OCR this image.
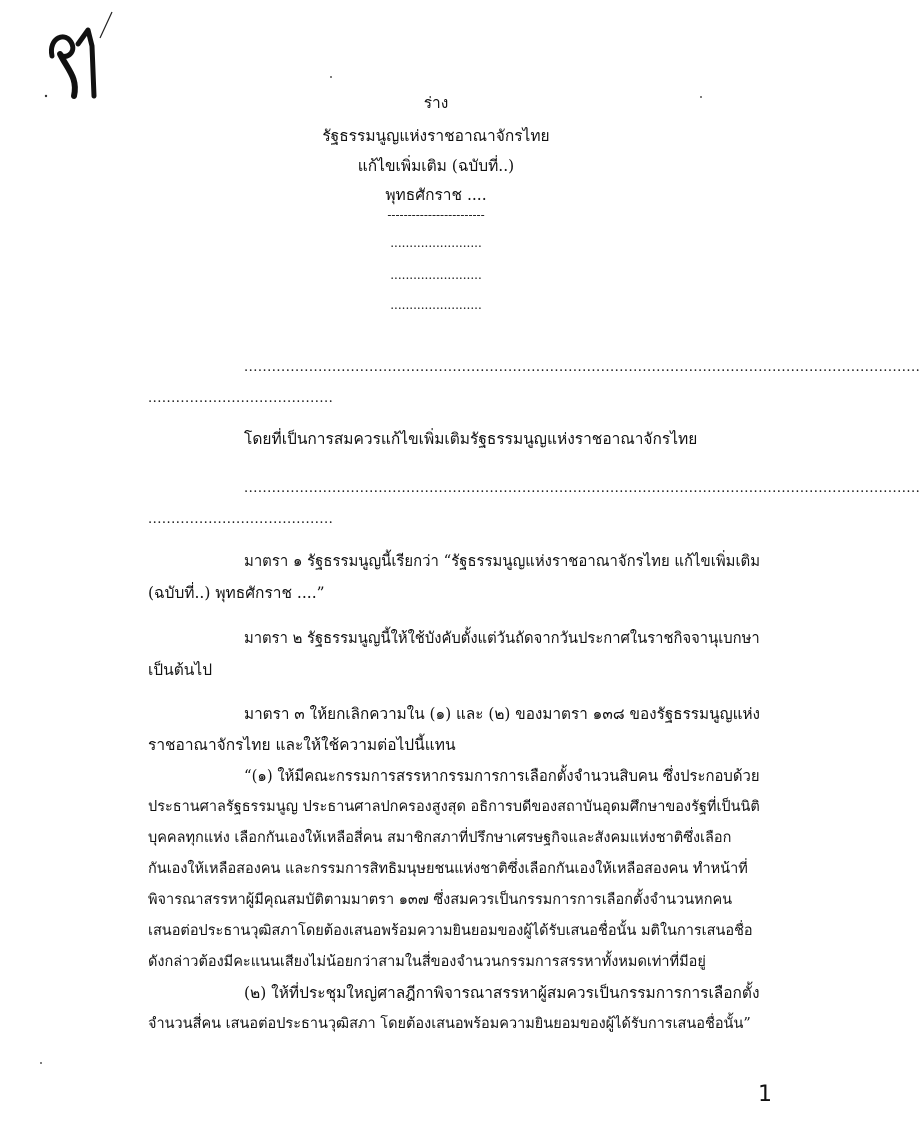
ร่าง
รัฐธรรมนูญแห่งราชอาณาจักรไทย
แก้ไขเพิ่มเติม (ฉบับที่..)
พุทธศักราช ....
------------------------
........................
........................
........................
..................................................................................................................................................
........................................
โดยที่เป็นการสมควรแก้ไขเพิ่มเติมรัฐธรรมนูญแห่งราชอาณาจักรไทย
..................................................................................................................................................
........................................
มาตรา ๑ รัฐธรรมนูญนี้เรียกว่า “รัฐธรรมนูญแห่งราชอาณาจักรไทย แก้ไขเพิ่มเติม
(ฉบับที่..) พุทธศักราช ....”
มาตรา ๒ รัฐธรรมนูญนี้ให้ใช้บังคับตั้งแต่วันถัดจากวันประกาศในราชกิจจานุเบกษา
เป็นต้นไป
มาตรา ๓ ให้ยกเลิกความใน (๑) และ (๒) ของมาตรา ๑๓๘ ของรัฐธรรมนูญแห่ง
ราชอาณาจักรไทย และให้ใช้ความต่อไปนี้แทน
“(๑) ให้มีคณะกรรมการสรรหากรรมการการเลือกตั้งจำนวนสิบคน ซึ่งประกอบด้วย
ประธานศาลรัฐธรรมนูญ ประธานศาลปกครองสูงสุด อธิการบดีของสถาบันอุดมศึกษาของรัฐที่เป็นนิติ
บุคคลทุกแห่ง เลือกกันเองให้เหลือสี่คน สมาชิกสภาที่ปรึกษาเศรษฐกิจและสังคมแห่งชาติซึ่งเลือก
กันเองให้เหลือสองคน และกรรมการสิทธิมนุษยชนแห่งชาติซึ่งเลือกกันเองให้เหลือสองคน ทำหน้าที่
พิจารณาสรรหาผู้มีคุณสมบัติตามมาตรา ๑๓๗ ซึ่งสมควรเป็นกรรมการการเลือกตั้งจำนวนหกคน
เสนอต่อประธานวุฒิสภาโดยต้องเสนอพร้อมความยินยอมของผู้ได้รับเสนอชื่อนั้น มติในการเสนอชื่อ
ดังกล่าวต้องมีคะแนนเสียงไม่น้อยกว่าสามในสี่ของจำนวนกรรมการสรรหาทั้งหมดเท่าที่มีอยู่
(๒) ให้ที่ประชุมใหญ่ศาลฎีกาพิจารณาสรรหาผู้สมควรเป็นกรรมการการเลือกตั้ง
จำนวนสี่คน เสนอต่อประธานวุฒิสภา โดยต้องเสนอพร้อมความยินยอมของผู้ได้รับการเสนอชื่อนั้น”
1
